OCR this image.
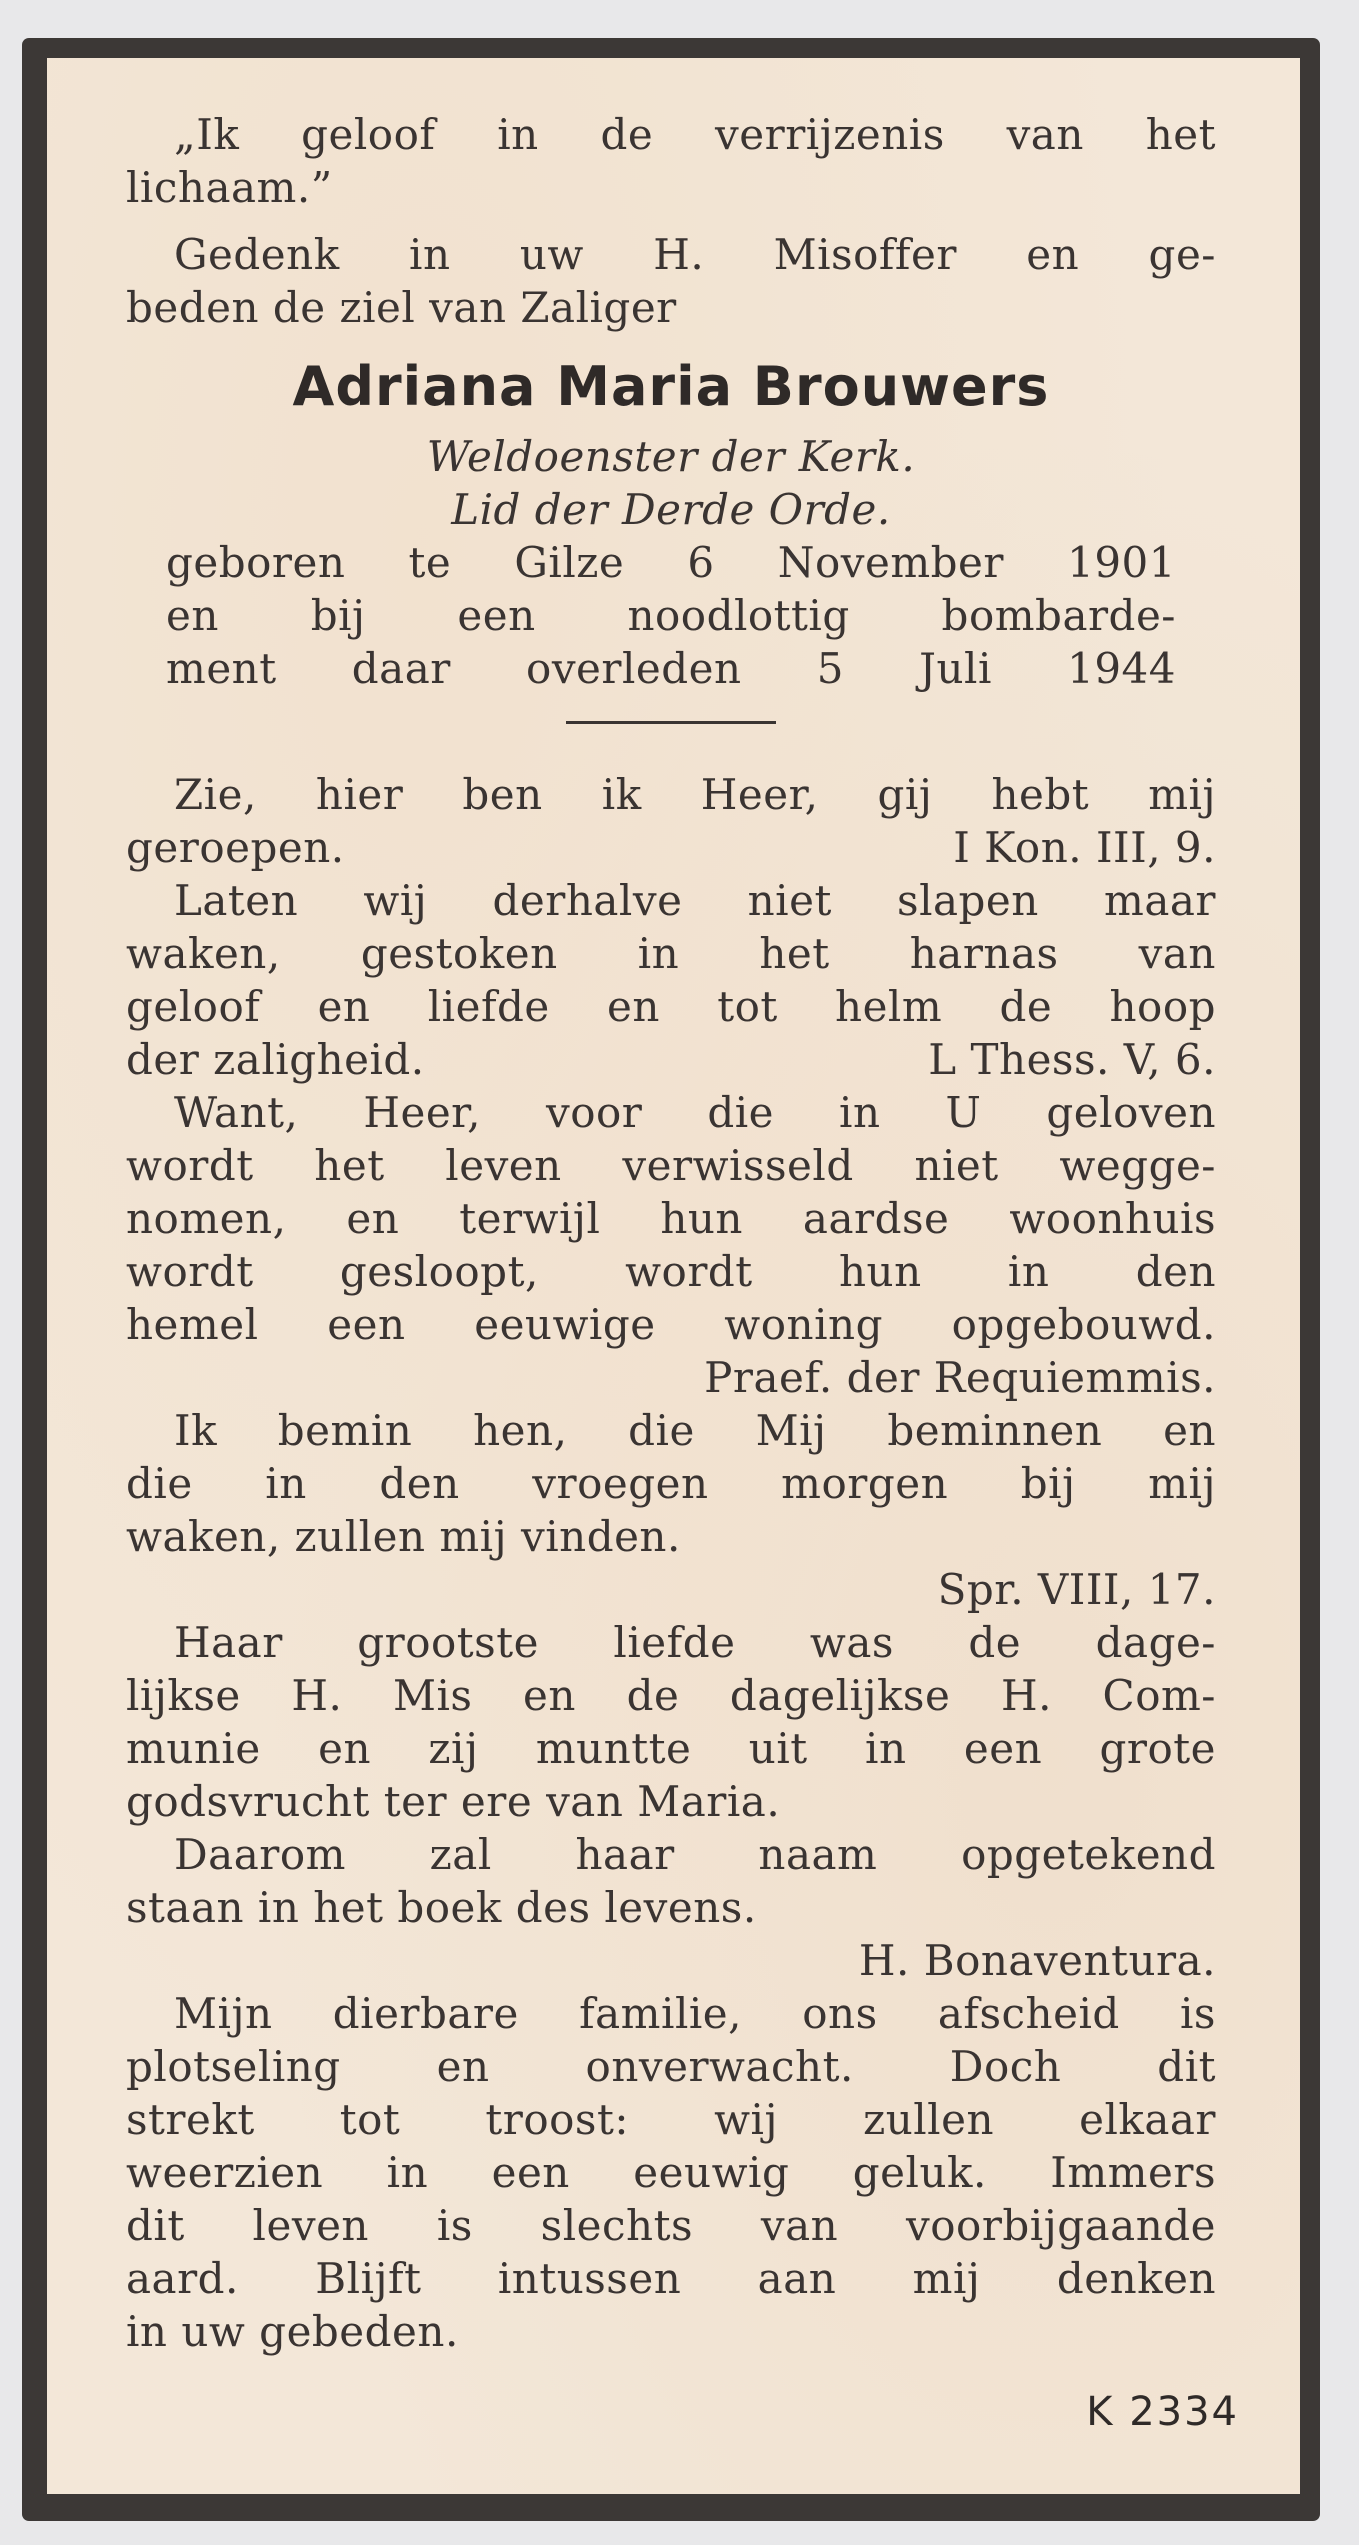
„Ik geloof in de verrijzenis van het
lichaam.”
Gedenk in uw H. Misoffer en ge-
beden de ziel van Zaliger
Adriana Maria Brouwers
Weldoenster der Kerk.
Lid der Derde Orde.
geboren te Gilze 6 November 1901
en bij een noodlottig bombarde-
ment daar overleden 5 Juli 1944
Zie, hier ben ik Heer, gij hebt mij
geroepen.	I Kon. III, 9.
Laten wij derhalve niet slapen maar
waken, gestoken in het harnas van
geloof en liefde en tot helm de hoop
der zaligheid.	L Thess. V, 6.
Want, Heer, voor die in U geloven
wordt het leven verwisseld niet wegge-
nomen, en terwijl hun aardse woonhuis
wordt gesloopt, wordt hun in den
hemel een eeuwige woning opgebouwd.
Praef. der Requiemmis.
Ik bemin hen, die Mij beminnen en
die in den vroegen morgen bij mij
waken, zullen mij vinden.
Spr. VIII, 17.
Haar grootste liefde was de dage-
lijkse H. Mis en de dagelijkse H. Com-
munie en zij muntte uit in een grote
godsvrucht ter ere van Maria.
Daarom zal haar naam opgetekend
staan in het boek des levens.
H. Bonaventura.
Mijn dierbare familie, ons afscheid is
plotseling en onverwacht. Doch dit
strekt tot troost: wij zullen elkaar
weerzien in een eeuwig geluk. Immers
dit leven is slechts van voorbijgaande
aard. Blijft intussen aan mij denken
in uw gebeden.
K 2334
